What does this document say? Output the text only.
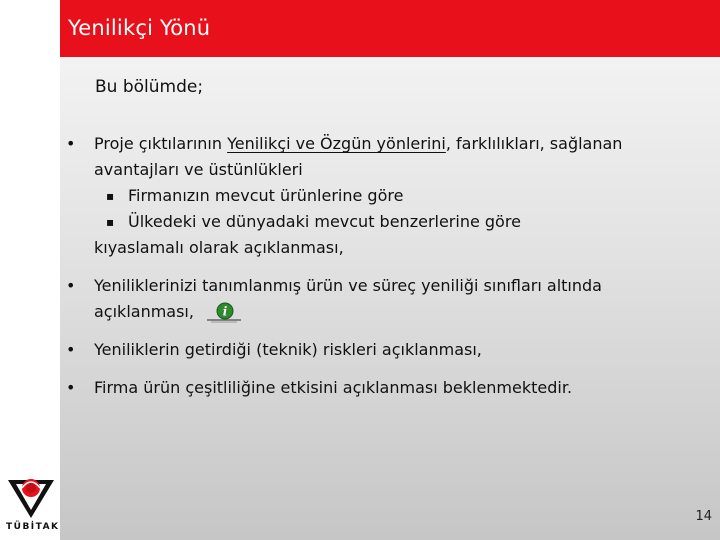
Yenilikçi Yönü
Bu bölümde;
•	Proje çıktılarının Yenilikçi ve Özgün yönlerini, farklılıkları, sağlanan avantajları ve üstünlükleri
▪ Firmanızın mevcut ürünlerine göre
▪ Ülkedeki ve dünyadaki mevcut benzerlerine göre
kıyaslamalı olarak açıklanması,
•	Yeniliklerinizi tanımlanmış ürün ve süreç yeniliği sınıfları altında açıklanması, i
•	Yeniliklerin getirdiği (teknik) riskleri açıklanması,
•	Firma ürün çeşitliliğine etkisini açıklanması beklenmektedir.
TÜBİTAK
14
